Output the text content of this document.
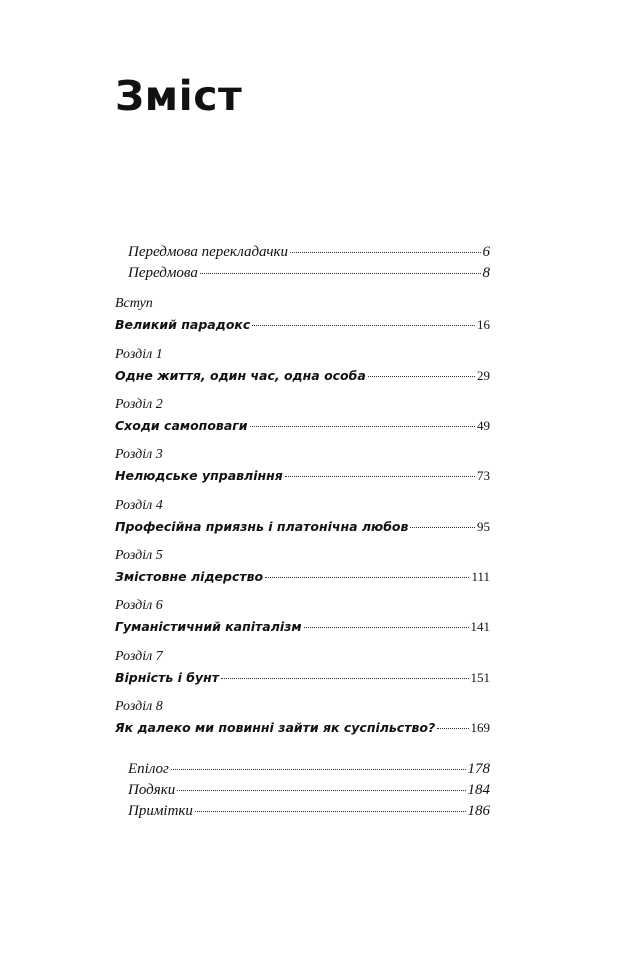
Зміст
Передмова перекладачки	6
Передмова	8
Вступ
Великий парадокс	16
Розділ 1
Одне життя, один час, одна особа	29
Розділ 2
Сходи самоповаги	49
Розділ 3
Нелюдське управління	73
Розділ 4
Професійна приязнь і платонічна любов	95
Розділ 5
Змістовне лідерство	111
Розділ 6
Гуманістичний капіталізм	141
Розділ 7
Вірність і бунт	151
Розділ 8
Як далеко ми повинні зайти як суспільство?	169
Епілог	178
Подяки	184
Примітки	186
